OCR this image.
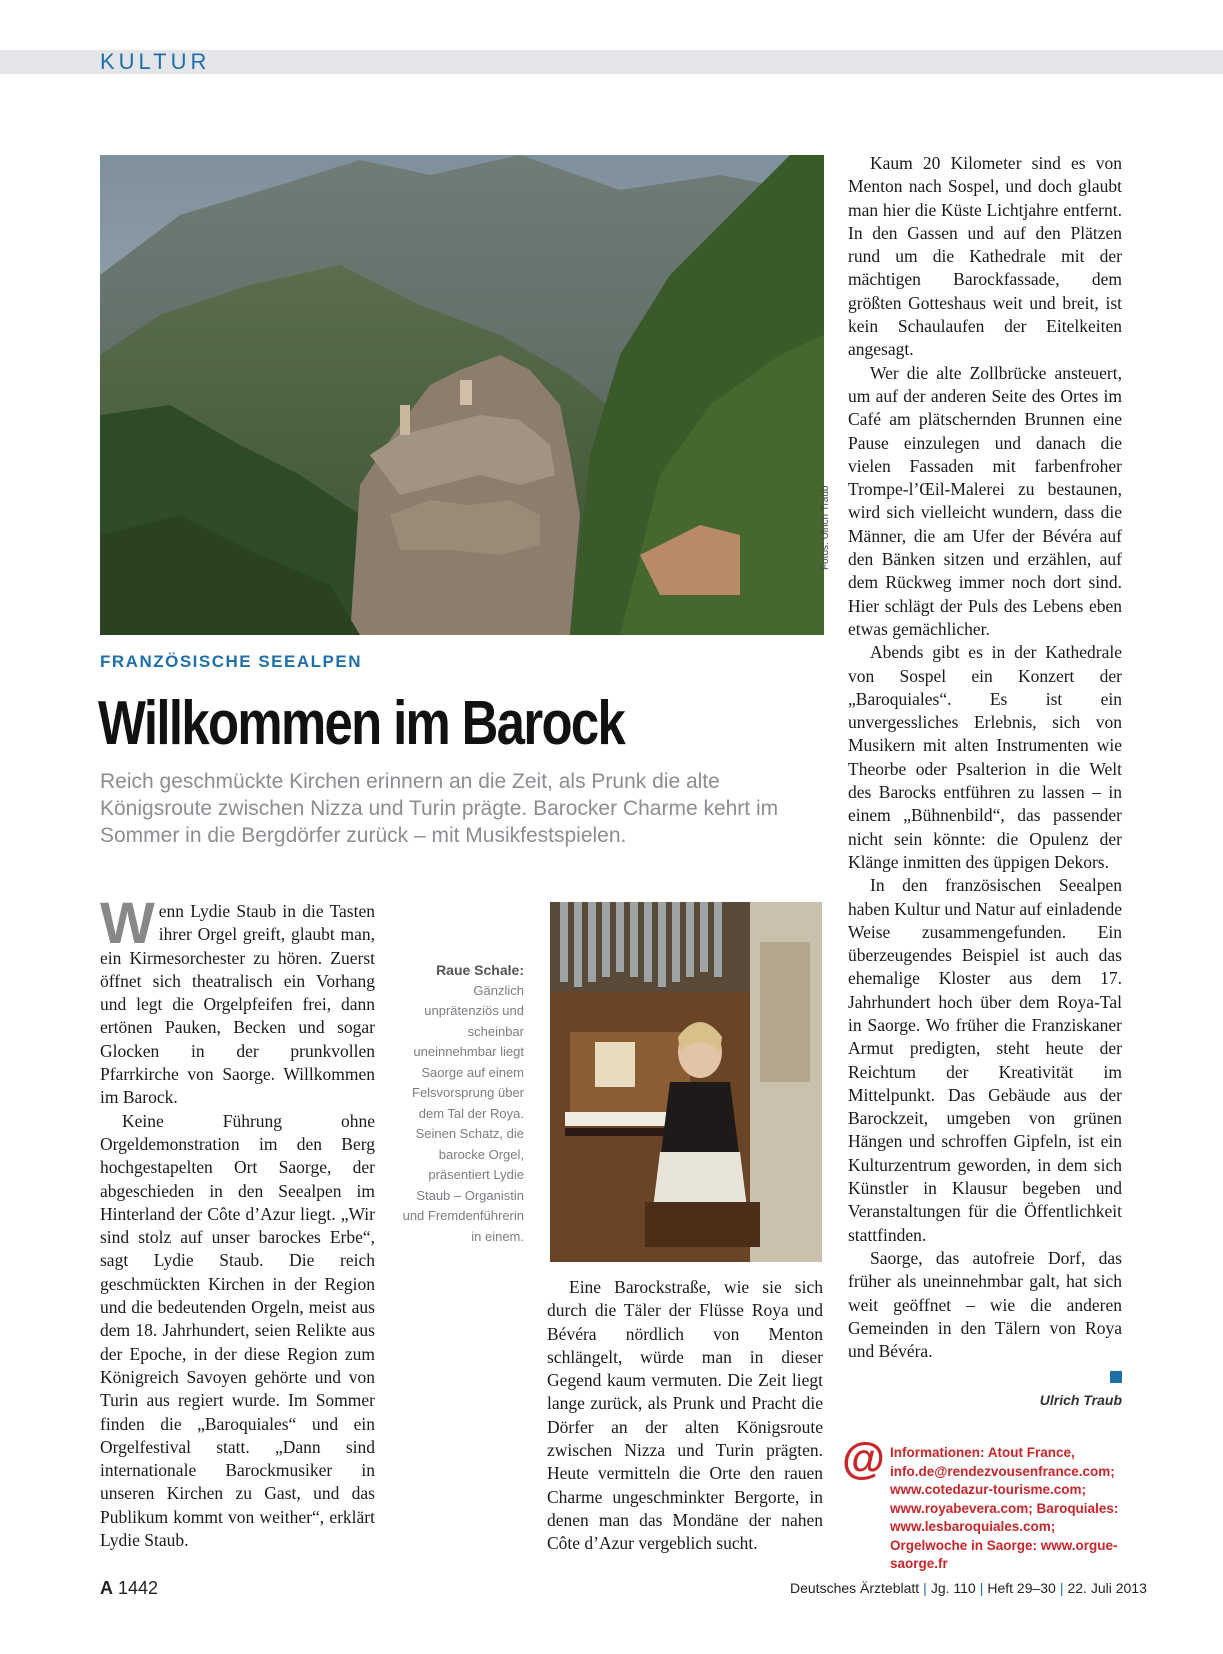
KULTUR
Fotos: Ulrich Traub
FRANZÖSISCHE SEEALPEN
Willkommen im Barock
Reich geschmückte Kirchen erinnern an die Zeit, als Prunk die alte Königsroute zwischen Nizza und Turin prägte. Barocker Charme kehrt im Sommer in die Bergdörfer zurück – mit Musikfestspielen.

Wenn Lydie Staub in die Tasten ihrer Orgel greift, glaubt man, ein Kirmesorchester zu hören. Zuerst öffnet sich theatralisch ein Vorhang und legt die Orgelpfeifen frei, dann ertönen Pauken, Becken und sogar Glocken in der prunkvollen Pfarrkirche von Saorge. Willkommen im Barock.

Keine Führung ohne Orgeldemonstration im den Berg hochgestapelten Ort Saorge, der abgeschieden in den Seealpen im Hinterland der Côte d’Azur liegt. „Wir sind stolz auf unser barockes Erbe“, sagt Lydie Staub. Die reich geschmückten Kirchen in der Region und die bedeutenden Orgeln, meist aus dem 18. Jahrhundert, seien Relikte aus der Epoche, in der diese Region zum Königreich Savoyen gehörte und von Turin aus regiert wurde. Im Sommer finden die „Baroquiales“ und ein Orgelfestival statt. „Dann sind internationale Barockmusiker in unseren Kirchen zu Gast, und das Publikum kommt von weither“, erklärt Lydie Staub.

Raue Schale:
Gänzlich unprätenziös und scheinbar uneinnehmbar liegt Saorge auf einem Felsvorsprung über dem Tal der Roya. Seinen Schatz, die barocke Orgel, präsentiert Lydie Staub – Organistin und Fremdenführerin in einem.

Eine Barockstraße, wie sie sich durch die Täler der Flüsse Roya und Bévéra nördlich von Menton schlängelt, würde man in dieser Gegend kaum vermuten. Die Zeit liegt lange zurück, als Prunk und Pracht die Dörfer an der alten Königsroute zwischen Nizza und Turin prägten. Heute vermitteln die Orte den rauen Charme ungeschminkter Bergorte, in denen man das Mondäne der nahen Côte d’Azur vergeblich sucht.

Kaum 20 Kilometer sind es von Menton nach Sospel, und doch glaubt man hier die Küste Lichtjahre entfernt. In den Gassen und auf den Plätzen rund um die Kathedrale mit der mächtigen Barockfassade, dem größten Gotteshaus weit und breit, ist kein Schaulaufen der Eitelkeiten angesagt.

Wer die alte Zollbrücke ansteuert, um auf der anderen Seite des Ortes im Café am plätschernden Brunnen eine Pause einzulegen und danach die vielen Fassaden mit farbenfroher Trompe-l’Œil-Malerei zu bestaunen, wird sich vielleicht wundern, dass die Männer, die am Ufer der Bévéra auf den Bänken sitzen und erzählen, auf dem Rückweg immer noch dort sind. Hier schlägt der Puls des Lebens eben etwas gemächlicher.

Abends gibt es in der Kathedrale von Sospel ein Konzert der „Baroquiales“. Es ist ein unvergessliches Erlebnis, sich von Musikern mit alten Instrumenten wie Theorbe oder Psalterion in die Welt des Barocks entführen zu lassen – in einem „Bühnenbild“, das passender nicht sein könnte: die Opulenz der Klänge inmitten des üppigen Dekors.

In den französischen Seealpen haben Kultur und Natur auf einladende Weise zusammengefunden. Ein überzeugendes Beispiel ist auch das ehemalige Kloster aus dem 17. Jahrhundert hoch über dem Roya-Tal in Saorge. Wo früher die Franziskaner Armut predigten, steht heute der Reichtum der Kreativität im Mittelpunkt. Das Gebäude aus der Barockzeit, umgeben von grünen Hängen und schroffen Gipfeln, ist ein Kulturzentrum geworden, in dem sich Künstler in Klausur begeben und Veranstaltungen für die Öffentlichkeit stattfinden.

Saorge, das autofreie Dorf, das früher als uneinnehmbar galt, hat sich weit geöffnet – wie die anderen Gemeinden in den Tälern von Roya und Bévéra.

Ulrich Traub
@ Informationen: Atout France, info.de@rendezvousenfrance.com; www.cotedazur-tourisme.com; www.royabevera.com; Baroquiales: www.lesbaroquiales.com; Orgelwoche in Saorge: www.orgue-saorge.fr
A 1442	Deutsches Ärzteblatt | Jg. 110 | Heft 29–30 | 22. Juli 2013
